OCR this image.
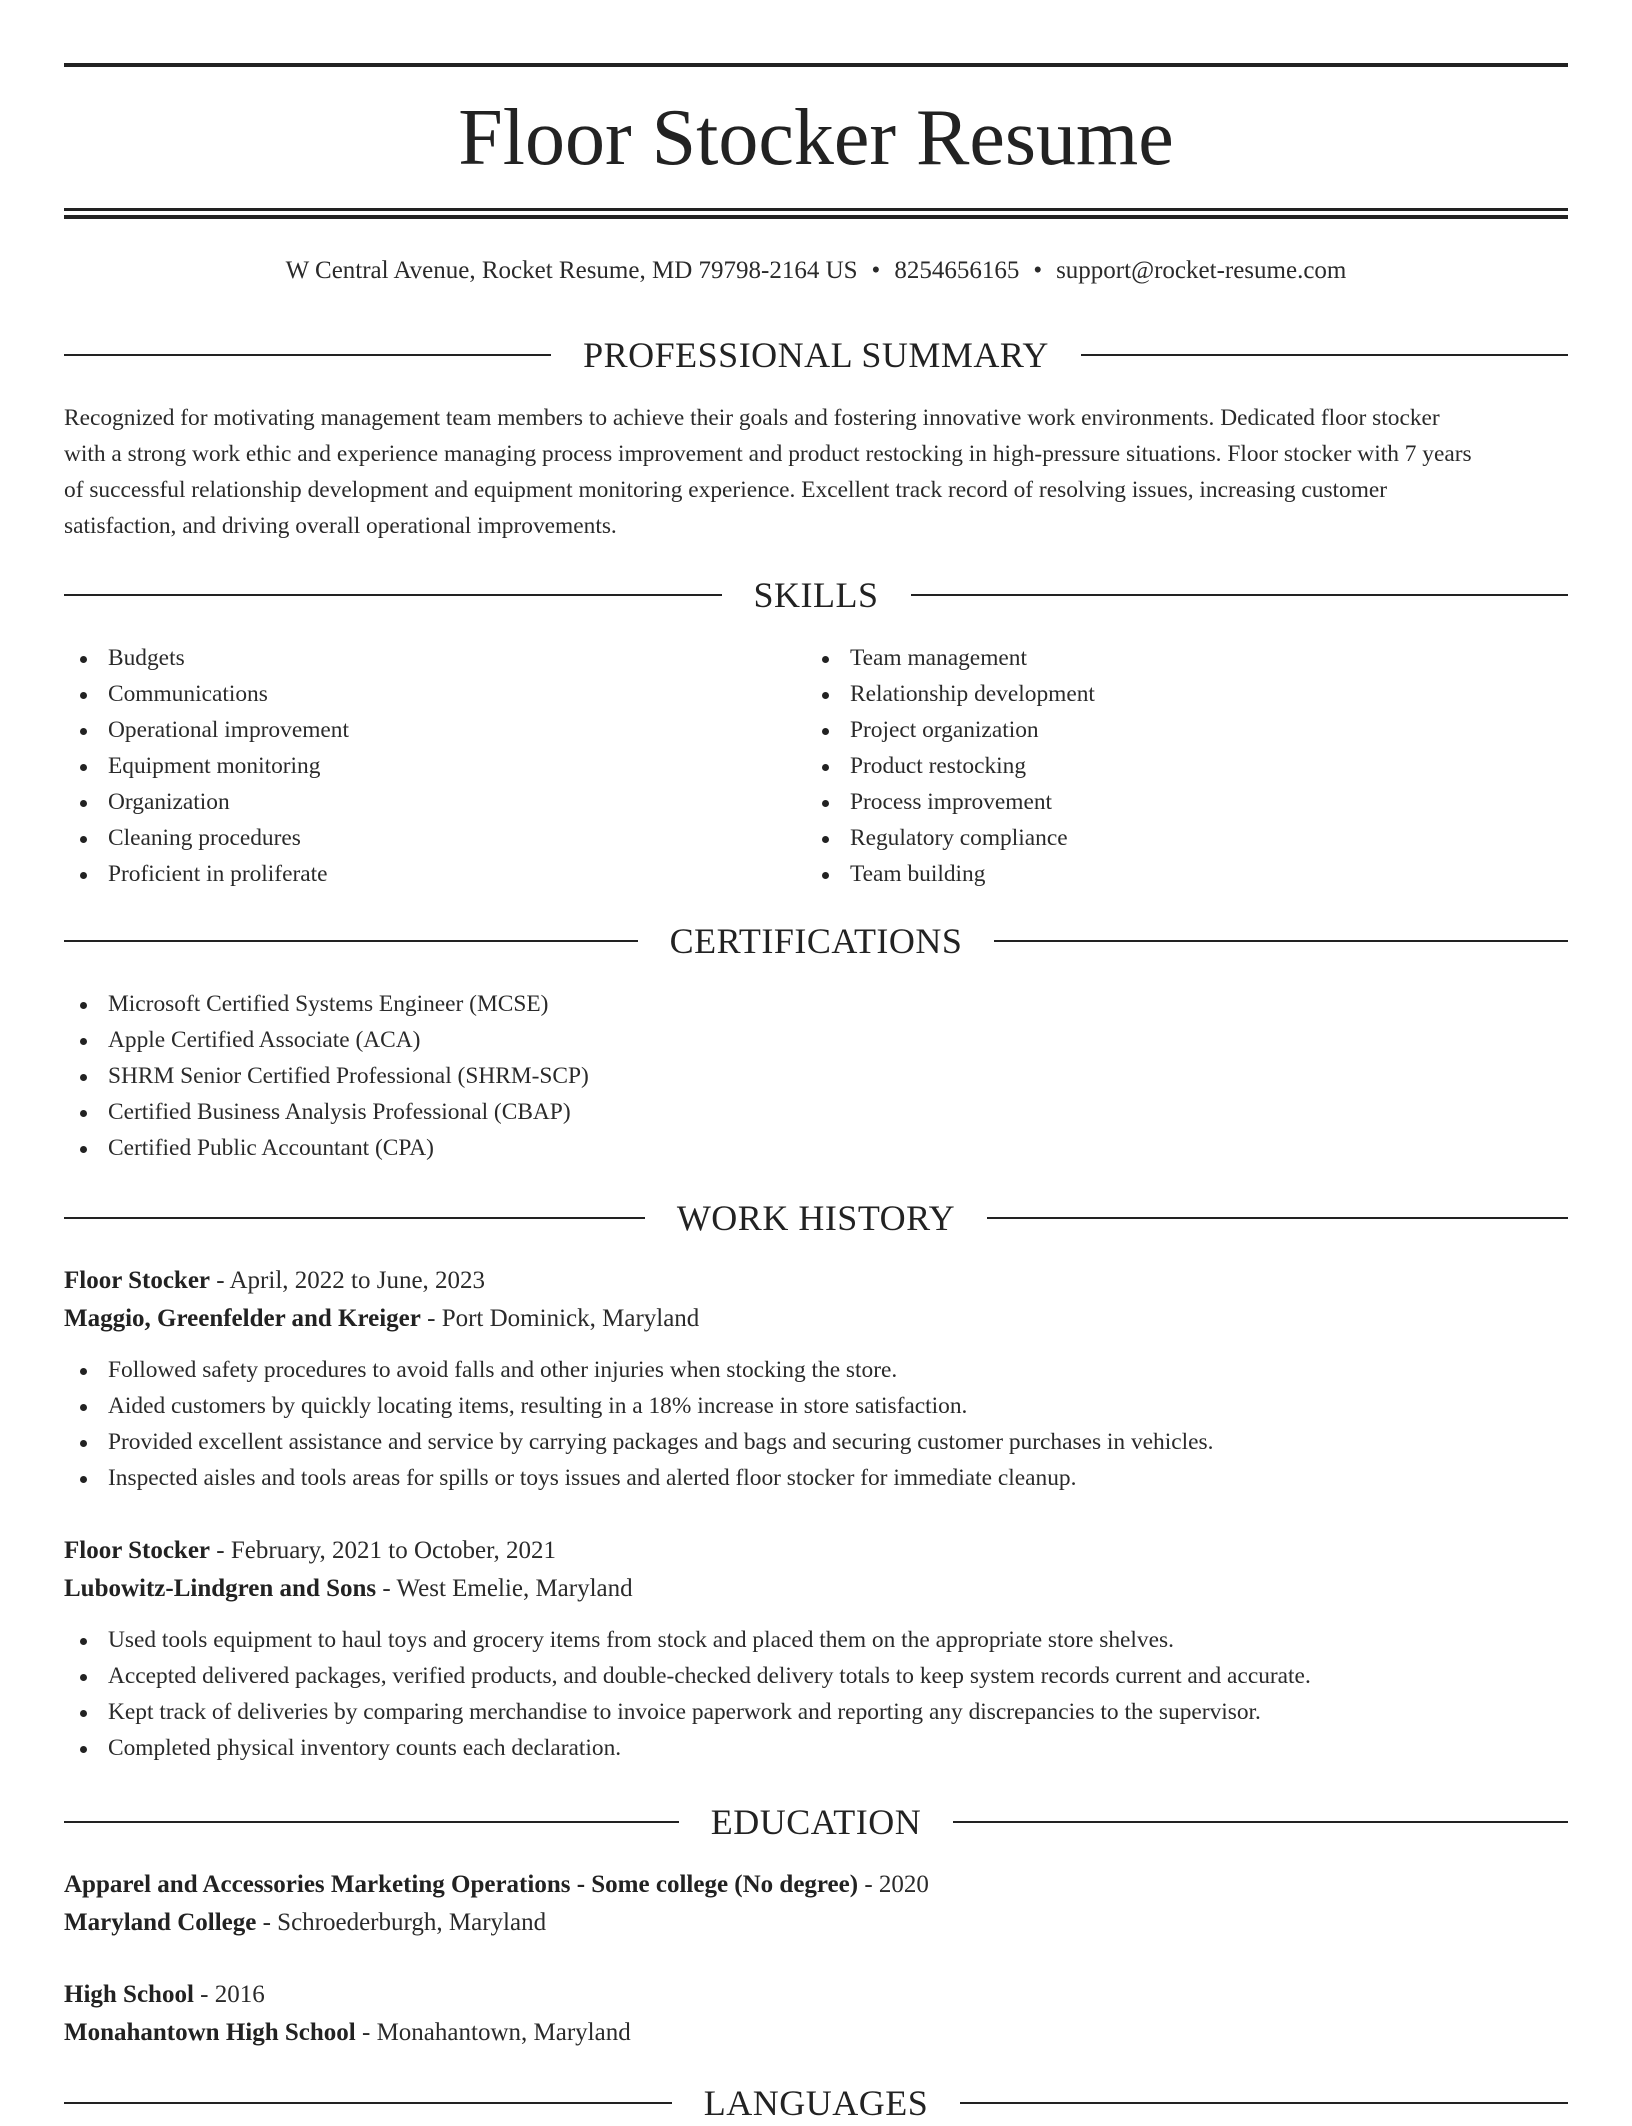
Floor Stocker Resume
W Central Avenue, Rocket Resume, MD 79798-2164 US • 8254656165 • support@rocket-resume.com
PROFESSIONAL SUMMARY
Recognized for motivating management team members to achieve their goals and fostering innovative work environments. Dedicated floor stocker
with a strong work ethic and experience managing process improvement and product restocking in high-pressure situations. Floor stocker with 7 years
of successful relationship development and equipment monitoring experience. Excellent track record of resolving issues, increasing customer
satisfaction, and driving overall operational improvements.
SKILLS
Budgets
Communications
Operational improvement
Equipment monitoring
Organization
Cleaning procedures
Proficient in proliferate
Team management
Relationship development
Project organization
Product restocking
Process improvement
Regulatory compliance
Team building
CERTIFICATIONS
Microsoft Certified Systems Engineer (MCSE)
Apple Certified Associate (ACA)
SHRM Senior Certified Professional (SHRM-SCP)
Certified Business Analysis Professional (CBAP)
Certified Public Accountant (CPA)
WORK HISTORY
Floor Stocker - April, 2022 to June, 2023
Maggio, Greenfelder and Kreiger - Port Dominick, Maryland
Followed safety procedures to avoid falls and other injuries when stocking the store.
Aided customers by quickly locating items, resulting in a 18% increase in store satisfaction.
Provided excellent assistance and service by carrying packages and bags and securing customer purchases in vehicles.
Inspected aisles and tools areas for spills or toys issues and alerted floor stocker for immediate cleanup.
Floor Stocker - February, 2021 to October, 2021
Lubowitz-Lindgren and Sons - West Emelie, Maryland
Used tools equipment to haul toys and grocery items from stock and placed them on the appropriate store shelves.
Accepted delivered packages, verified products, and double-checked delivery totals to keep system records current and accurate.
Kept track of deliveries by comparing merchandise to invoice paperwork and reporting any discrepancies to the supervisor.
Completed physical inventory counts each declaration.
EDUCATION
Apparel and Accessories Marketing Operations - Some college (No degree) - 2020
Maryland College - Schroederburgh, Maryland
High School - 2016
Monahantown High School - Monahantown, Maryland
LANGUAGES
